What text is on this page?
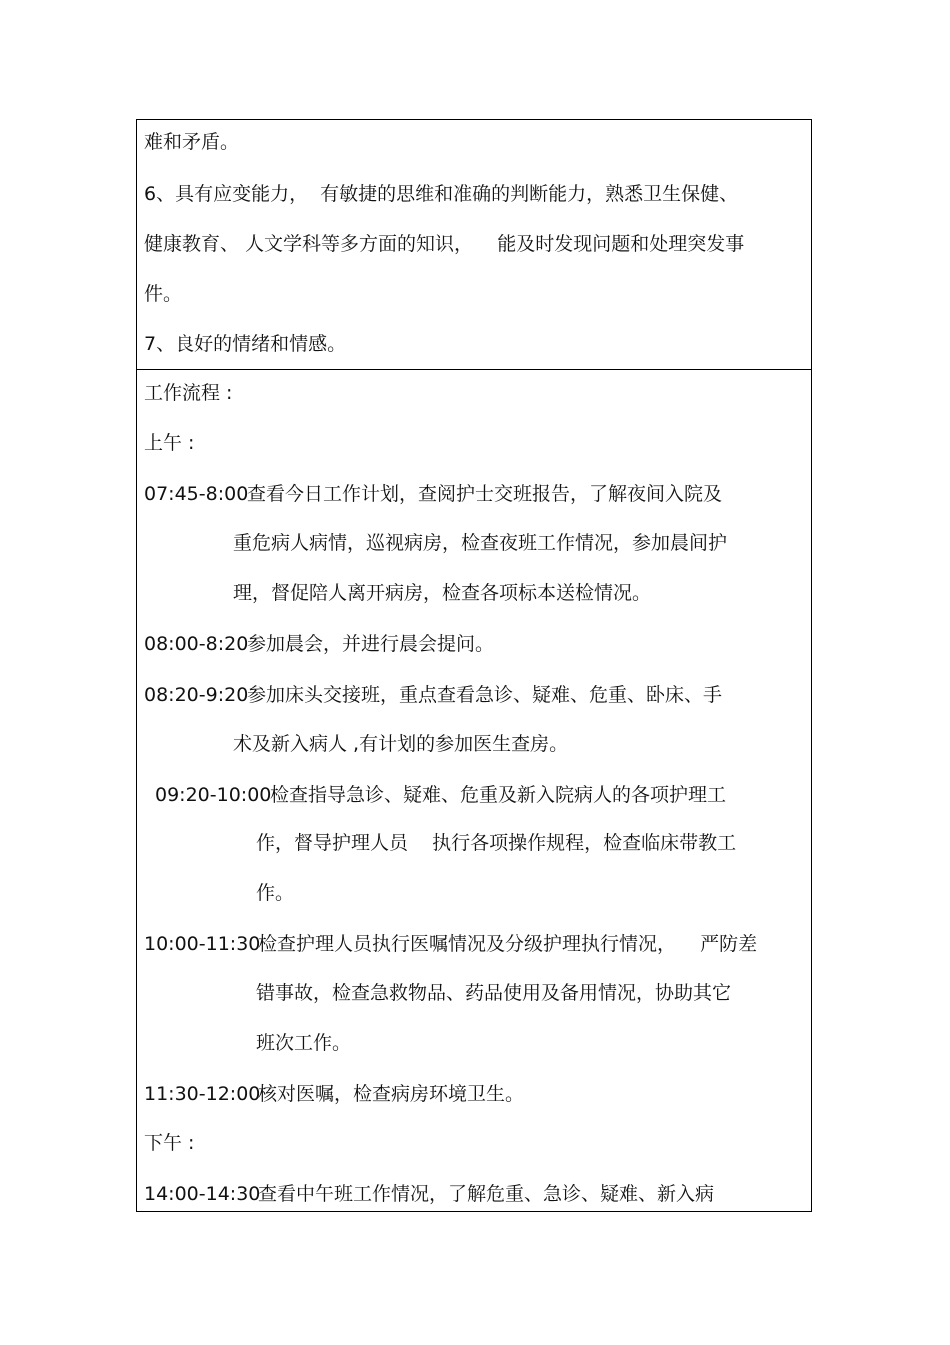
难和矛盾。
6、具有应变能力，  有敏捷的思维和准确的判断能力，熟悉卫生保健、
健康教育、 人文学科等多方面的知识，    能及时发现问题和处理突发事
件。
7、良好的情绪和情感。
工作流程 :
上午 :
07:45-8:00
查看今日工作计划，查阅护士交班报告，了解夜间入院及
重危病人病情，巡视病房，检查夜班工作情况，参加晨间护
理，督促陪人离开病房，检查各项标本送检情况。
08:00-8:20
参加晨会，并进行晨会提问。
08:20-9:20
参加床头交接班，重点查看急诊、疑难、危重、卧床、手
术及新入病人 ,有计划的参加医生查房。
09:20-10:00
检查指导急诊、疑难、危重及新入院病人的各项护理工
作，督导护理人员    执行各项操作规程，检查临床带教工
作。
10:00-11:30
检查护理人员执行医嘱情况及分级护理执行情况，    严防差
错事故，检查急救物品、药品使用及备用情况，协助其它
班次工作。
11:30-12:00
核对医嘱，检查病房环境卫生。
下午 :
14:00-14:30
查看中午班工作情况，了解危重、急诊、疑难、新入病
